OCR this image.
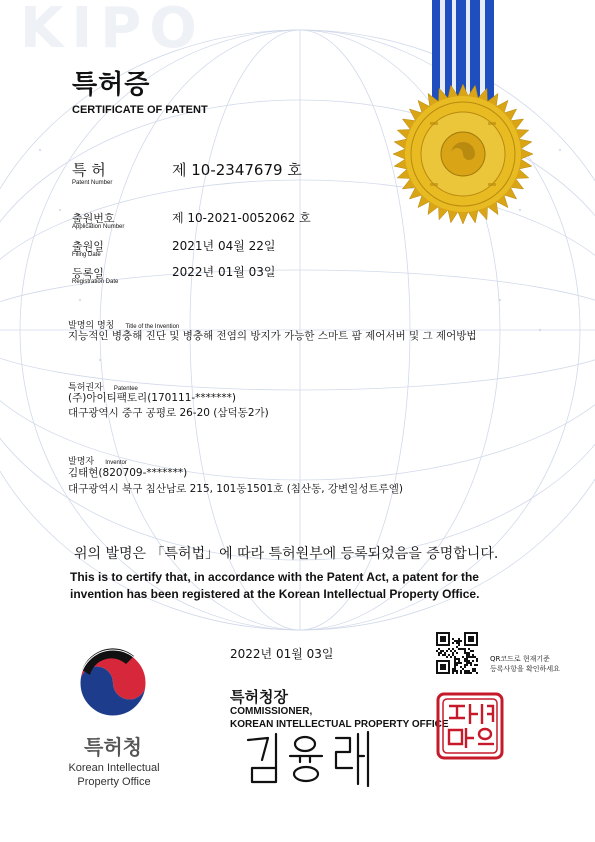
KIPO
특허증
CERTIFICATE OF PATENT
특 허
Patent Number
제 10-2347679 호
출원번호
Application Number
제 10-2021-0052062 호
출원일
Filing Date
2021년 04월 22일
등록일
Registration Date
2022년 01월 03일
발명의 명칭 Title of the Invention
지능적인 병충해 진단 및 병충해 전염의 방지가 가능한 스마트 팜 제어서버 및 그 제어방법
특허권자 Patentee
(주)아이티팩토리(170111-*******)
대구광역시 중구 공평로 26-20 (삼덕동2가)
발명자 Inventor
김태현(820709-*******)
대구광역시 북구 침산남로 215, 101동1501호 (침산동, 강변일성트루엘)
위의 발명은 「특허법」에 따라 특허원부에 등록되었음을 증명합니다.
This is to certify that, in accordance with the Patent Act, a patent for the
invention has been registered at the Korean Intellectual Property Office.
2022년 01월 03일	QR코드로 현재기준
등록사항을 확인하세요
특허청장
COMMISSIONER,
KOREAN INTELLECTUAL PROPERTY OFFICE
특허청
Korean Intellectual
Property Office
